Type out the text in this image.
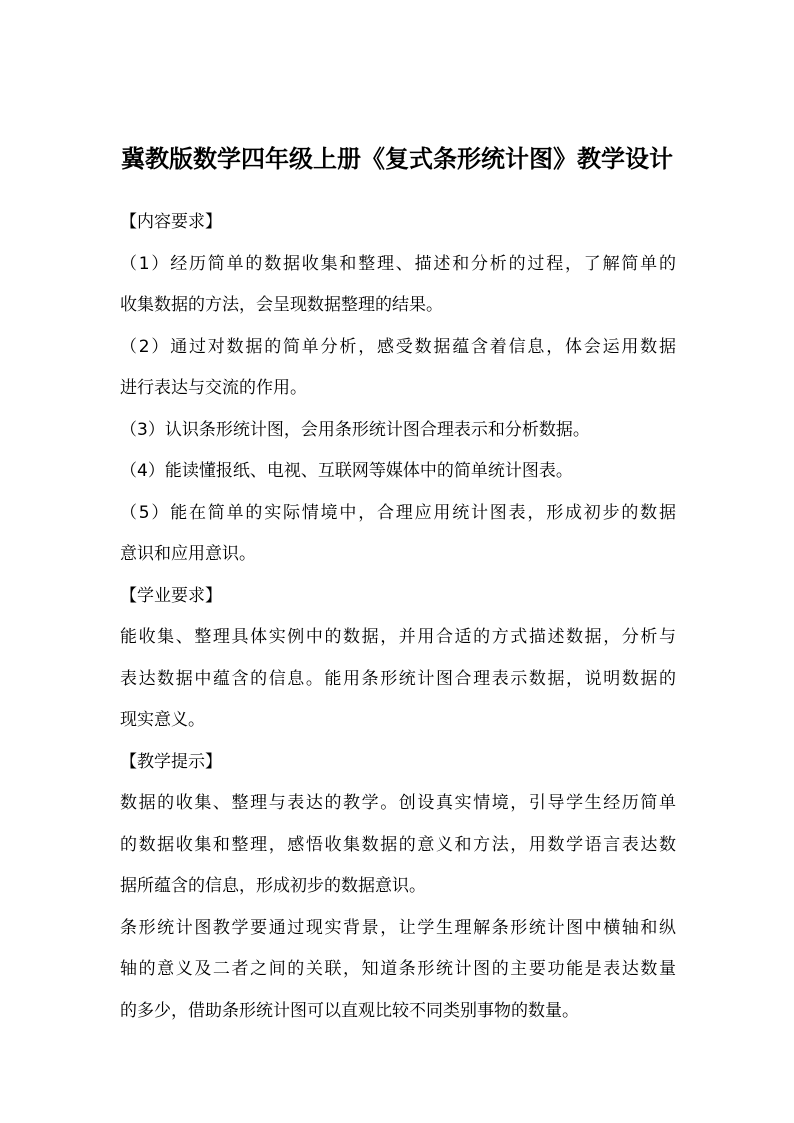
冀教版数学四年级上册《复式条形统计图》教学设计
【内容要求】
（1）经历简单的数据收集和整理、描述和分析的过程，了解简单的
收集数据的方法，会呈现数据整理的结果。
（2）通过对数据的简单分析，感受数据蕴含着信息，体会运用数据
进行表达与交流的作用。
（3）认识条形统计图，会用条形统计图合理表示和分析数据。
（4）能读懂报纸、电视、互联网等媒体中的简单统计图表。
（5）能在简单的实际情境中，合理应用统计图表，形成初步的数据
意识和应用意识。
【学业要求】
能收集、整理具体实例中的数据，并用合适的方式描述数据，分析与
表达数据中蕴含的信息。能用条形统计图合理表示数据，说明数据的
现实意义。
【教学提示】
数据的收集、整理与表达的教学。创设真实情境，引导学生经历简单
的数据收集和整理，感悟收集数据的意义和方法，用数学语言表达数
据所蕴含的信息，形成初步的数据意识。
条形统计图教学要通过现实背景，让学生理解条形统计图中横轴和纵
轴的意义及二者之间的关联，知道条形统计图的主要功能是表达数量
的多少，借助条形统计图可以直观比较不同类别事物的数量。
